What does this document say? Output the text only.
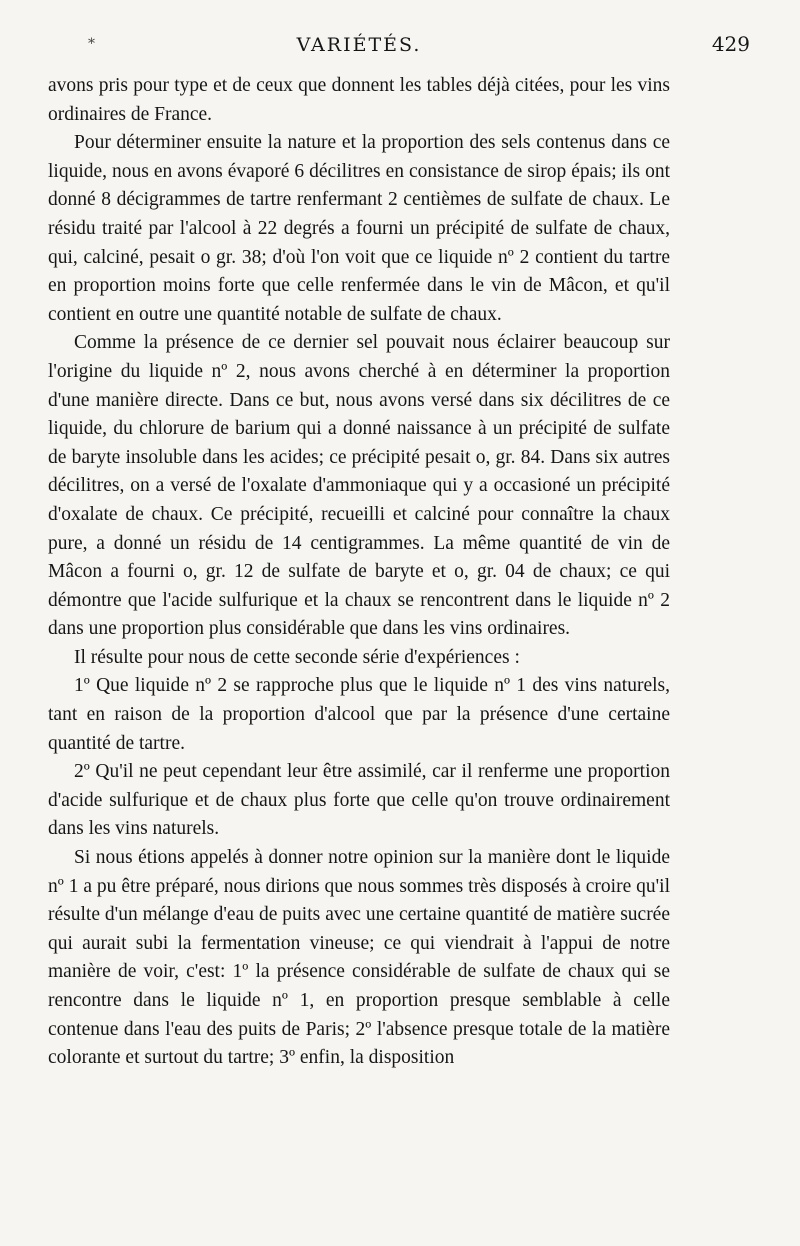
*	VARIÉTÉS.	429

avons pris pour type et de ceux que donnent les tables déjà citées, pour les vins ordinaires de France.

Pour déterminer ensuite la nature et la proportion des sels contenus dans ce liquide, nous en avons évaporé 6 décilitres en consistance de sirop épais; ils ont donné 8 décigrammes de tartre renfermant 2 centièmes de sulfate de chaux. Le résidu traité par l'alcool à 22 degrés a fourni un précipité de sulfate de chaux, qui, calciné, pesait o gr. 38; d'où l'on voit que ce liquide nº 2 contient du tartre en proportion moins forte que celle renfermée dans le vin de Mâcon, et qu'il contient en outre une quantité notable de sulfate de chaux.

Comme la présence de ce dernier sel pouvait nous éclairer beaucoup sur l'origine du liquide nº 2, nous avons cherché à en déterminer la proportion d'une manière directe. Dans ce but, nous avons versé dans six décilitres de ce liquide, du chlorure de barium qui a donné naissance à un précipité de sulfate de baryte insoluble dans les acides; ce précipité pesait o, gr. 84. Dans six autres décilitres, on a versé de l'oxalate d'ammoniaque qui y a occasioné un précipité d'oxalate de chaux. Ce précipité, recueilli et calciné pour connaître la chaux pure, a donné un résidu de 14 centigrammes. La même quantité de vin de Mâcon a fourni o, gr. 12 de sulfate de baryte et o, gr. 04 de chaux; ce qui démontre que l'acide sulfurique et la chaux se rencontrent dans le liquide nº 2 dans une proportion plus considérable que dans les vins ordinaires.

Il résulte pour nous de cette seconde série d'expériences :

1º Que liquide nº 2 se rapproche plus que le liquide nº 1 des vins naturels, tant en raison de la proportion d'alcool que par la présence d'une certaine quantité de tartre.

2º Qu'il ne peut cependant leur être assimilé, car il renferme une proportion d'acide sulfurique et de chaux plus forte que celle qu'on trouve ordinairement dans les vins naturels.

Si nous étions appelés à donner notre opinion sur la manière dont le liquide nº 1 a pu être préparé, nous dirions que nous sommes très disposés à croire qu'il résulte d'un mélange d'eau de puits avec une certaine quantité de matière sucrée qui aurait subi la fermentation vineuse; ce qui viendrait à l'appui de notre manière de voir, c'est: 1º la présence considérable de sulfate de chaux qui se rencontre dans le liquide nº 1, en proportion presque semblable à celle contenue dans l'eau des puits de Paris; 2º l'absence presque totale de la matière colorante et surtout du tartre; 3º enfin, la disposition
